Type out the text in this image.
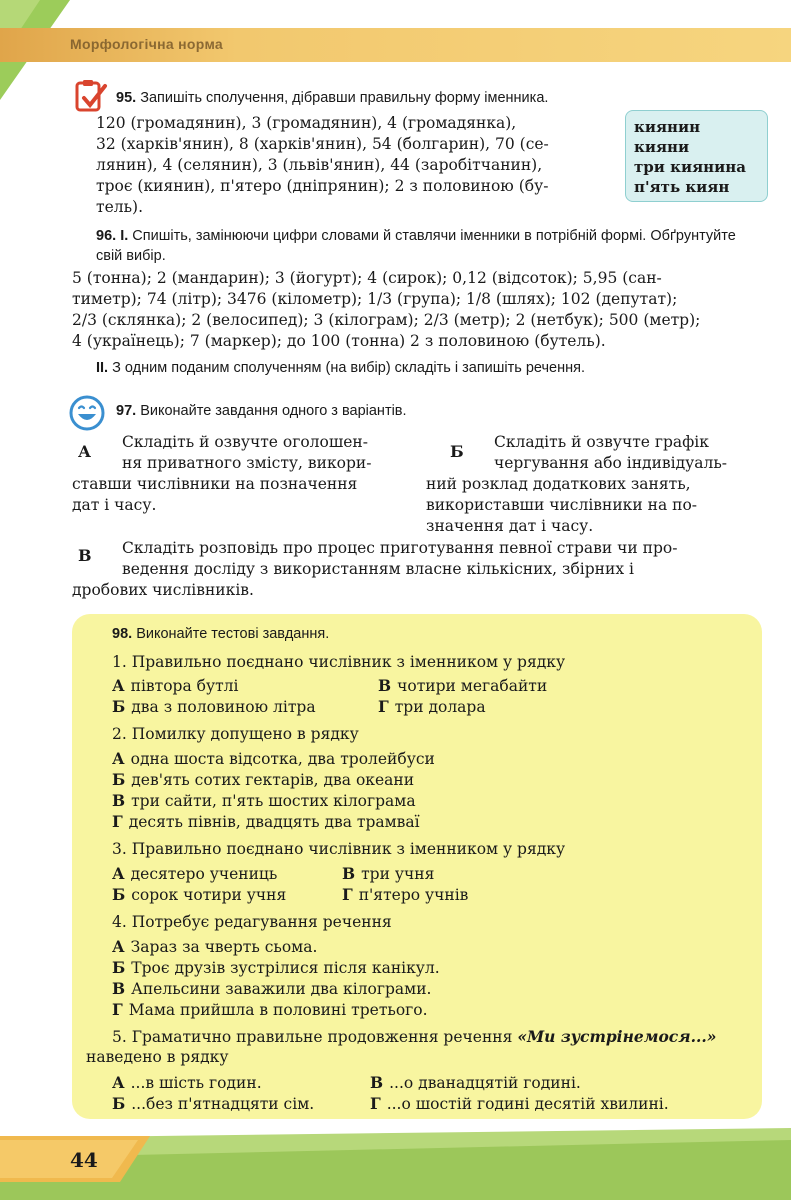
Морфологічна норма
95. Запишіть сполучення, дібравши правильну форму іменника.
120 (громадянин), 3 (громадянин), 4 (громадянка),
32 (харків'янин), 8 (харків'янин), 54 (болгарин), 70 (се-
лянин), 4 (селянин), 3 (львів'янин), 44 (заробітчанин),
троє (киянин), п'ятеро (дніпрянин); 2 з половиною (бу-
тель).
киянин
кияни
три киянина
п'ять киян
96. I. Спишіть, замінюючи цифри словами й ставлячи іменники в потрібній формі. Обґрунтуйте свій вибір.
5 (тонна); 2 (мандарин); 3 (йогурт); 4 (сирок); 0,12 (відсоток); 5,95 (сан-
тиметр); 74 (літр); 3476 (кілометр); 1/3 (група); 1/8 (шлях); 102 (депутат);
2/3 (склянка); 2 (велосипед); 3 (кілограм); 2/3 (метр); 2 (нетбук); 500 (метр);
4 (українець); 7 (маркер); до 100 (тонна) 2 з половиною (бутель).
II. З одним поданим сполученням (на вибір) складіть і запишіть речення.
97. Виконайте завдання одного з варіантів.
А	Складіть й озвучте оголошен-
ня приватного змісту, викори-
ставши числівники на позначення
дат і часу.
Б	Складіть й озвучте графік
чергування або індивідуаль-
ний розклад додаткових занять,
використавши числівники на по-
значення дат і часу.
В	Складіть розповідь про процес приготування певної страви чи про-
ведення досліду з використанням власне кількісних, збірних і
дробових числівників.
98. Виконайте тестові завдання.
1. Правильно поєднано числівник з іменником у рядку
А півтора бутлі	В чотири мегабайти
Б два з половиною літра	Г три долара
2. Помилку допущено в рядку
А одна шоста відсотка, два тролейбуси
Б дев'ять сотих гектарів, два океани
В три сайти, п'ять шостих кілограма
Г десять півнів, двадцять два трамваї
3. Правильно поєднано числівник з іменником у рядку
А десятеро учениць	В три учня
Б сорок чотири учня	Г п'ятеро учнів
4. Потребує редагування речення
А Зараз за чверть сьома.
Б Троє друзів зустрілися після канікул.
В Апельсини заважили два кілограми.
Г Мама прийшла в половині третього.
5. Граматично правильне продовження речення «Ми зустрінемося...»
наведено в рядку
А ...в шість годин.	В ...о дванадцятій годині.
Б ...без п'ятнадцяти сім.	Г ...о шостій годині десятій хвилині.
44
